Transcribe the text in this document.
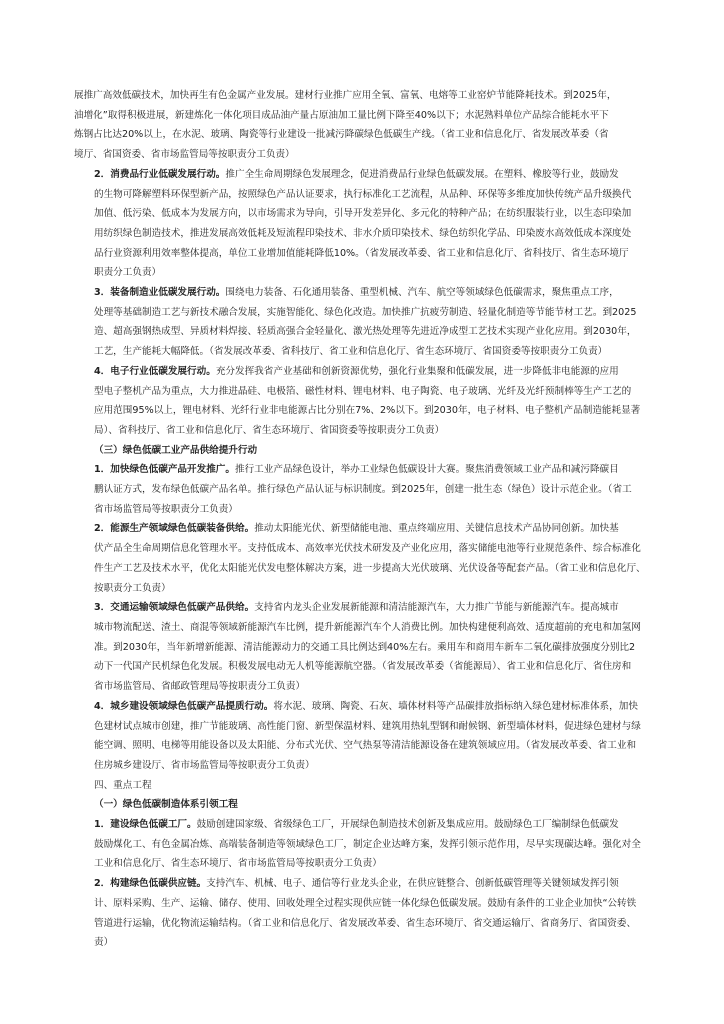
展推广高效低碳技术，加快再生有色金属产业发展。建材行业推广应用全氧、富氧、电熔等工业窑炉节能降耗技术。到2025年，
油增化”取得积极进展，新建炼化一体化项目成品油产量占原油加工量比例下降至40%以下；水泥熟料单位产品综合能耗水平下
炼钢占比达20%以上，在水泥、玻璃、陶瓷等行业建设一批减污降碳绿色低碳生产线。（省工业和信息化厅、省发展改革委（省
境厅、省国资委、省市场监管局等按职责分工负责）
2．消费品行业低碳发展行动。推广全生命周期绿色发展理念，促进消费品行业绿色低碳发展。在塑料、橡胶等行业，鼓励发
的生物可降解塑料环保型新产品，按照绿色产品认证要求，执行标准化工艺流程，从品种、环保等多维度加快传统产品升级换代
加值、低污染、低成本为发展方向，以市场需求为导向，引导开发差异化、多元化的特种产品；在纺织服装行业，以生态印染加
用纺织绿色制造技术，推进发展高效低耗及短流程印染技术、非水介质印染技术、绿色纺织化学品、印染废水高效低成本深度处
品行业资源利用效率整体提高，单位工业增加值能耗降低10%。（省发展改革委、省工业和信息化厅、省科技厅、省生态环境厅
职责分工负责）
3．装备制造业低碳发展行动。围绕电力装备、石化通用装备、重型机械、汽车、航空等领域绿色低碳需求，聚焦重点工序，
处理等基础制造工艺与新技术融合发展，实施智能化、绿色化改造。加快推广抗疲劳制造、轻量化制造等节能节材工艺。到2025
造、超高强钢热成型、异质材料焊接、轻质高强合金轻量化、激光热处理等先进近净成型工艺技术实现产业化应用。到2030年，
工艺，生产能耗大幅降低。（省发展改革委、省科技厅、省工业和信息化厅、省生态环境厅、省国资委等按职责分工负责）
4．电子行业低碳发展行动。充分发挥我省产业基础和创新资源优势，强化行业集聚和低碳发展，进一步降低非电能源的应用
型电子整机产品为重点，大力推进晶硅、电极箔、磁性材料、锂电材料、电子陶瓷、电子玻璃、光纤及光纤预制棒等生产工艺的
应用范围95%以上，锂电材料、光纤行业非电能源占比分别在7%、2%以下。到2030年，电子材料、电子整机产品制造能耗显著
局）、省科技厅、省工业和信息化厅、省生态环境厅、省国资委等按职责分工负责）
（三）绿色低碳工业产品供给提升行动
1．加快绿色低碳产品开发推广。推行工业产品绿色设计，举办工业绿色低碳设计大赛。聚焦消费领域工业产品和减污降碳目
鹏认证方式，发布绿色低碳产品名单。推行绿色产品认证与标识制度。到2025年，创建一批生态（绿色）设计示范企业。（省工
省市场监管局等按职责分工负责）
2．能源生产领域绿色低碳装备供给。推动太阳能光伏、新型储能电池、重点终端应用、关键信息技术产品协同创新。加快基
伏产品全生命周期信息化管理水平。支持低成本、高效率光伏技术研发及产业化应用，落实储能电池等行业规范条件、综合标准化
件生产工艺及技术水平，优化太阳能光伏发电整体解决方案，进一步提高大光伏玻璃、光伏设备等配套产品。（省工业和信息化厅、
按职责分工负责）
3．交通运输领域绿色低碳产品供给。支持省内龙头企业发展新能源和清洁能源汽车，大力推广节能与新能源汽车。提高城市
城市物流配送、渣土、商混等领域新能源汽车比例，提升新能源汽车个人消费比例。加快构建便利高效、适度超前的充电和加氢网
准。到2030年，当年新增新能源、清洁能源动力的交通工具比例达到40%左右。乘用车和商用车新车二氧化碳排放强度分别比2
动下一代国产民机绿色化发展。积极发展电动无人机等能源航空器。（省发展改革委（省能源局）、省工业和信息化厅、省住房和
省市场监管局、省邮政管理局等按职责分工负责）
4．城乡建设领域绿色低碳产品提质行动。将水泥、玻璃、陶瓷、石灰、墙体材料等产品碳排放指标纳入绿色建材标准体系，加快
色建材试点城市创建，推广节能玻璃、高性能门窗、新型保温材料、建筑用热轧型钢和耐候钢、新型墙体材料，促进绿色建材与绿
能空调、照明、电梯等用能设备以及太阳能、分布式光伏、空气热泵等清洁能源设备在建筑领域应用。（省发展改革委、省工业和
住房城乡建设厅、省市场监管局等按职责分工负责）
四、重点工程
（一）绿色低碳制造体系引领工程
1．建设绿色低碳工厂。鼓励创建国家级、省级绿色工厂，开展绿色制造技术创新及集成应用。鼓励绿色工厂编制绿色低碳发
鼓励煤化工、有色金属冶炼、高端装备制造等领域绿色工厂，制定企业达峰方案，发挥引领示范作用，尽早实现碳达峰。强化对全
工业和信息化厅、省生态环境厅、省市场监管局等按职责分工负责）
2．构建绿色低碳供应链。支持汽车、机械、电子、通信等行业龙头企业，在供应链整合、创新低碳管理等关键领域发挥引领
计、原料采购、生产、运输、储存、使用、回收处理全过程实现供应链一体化绿色低碳发展。鼓励有条件的工业企业加快“公转铁
管道进行运输，优化物流运输结构。（省工业和信息化厅、省发展改革委、省生态环境厅、省交通运输厅、省商务厅、省国资委、
责）
